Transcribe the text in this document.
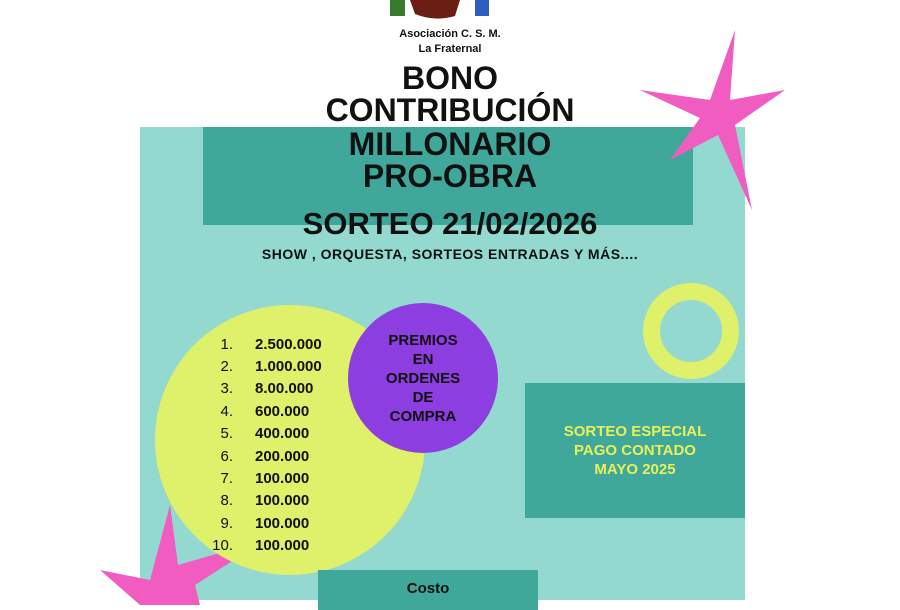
Asociación C. S. M.
La Fraternal
BONO
CONTRIBUCIÓN
MILLONARIO
PRO-OBRA
SORTEO 21/02/2026
SHOW , ORQUESTA, SORTEOS ENTRADAS Y MÁS....
1.	2.500.000
2.	1.000.000
3.	8.00.000
4.	600.000
5.	400.000
6.	200.000
7.	100.000
8.	100.000
9.	100.000
10.	100.000
PREMIOS
EN
ORDENES
DE
COMPRA
SORTEO ESPECIAL
PAGO CONTADO
MAYO 2025
Costo
